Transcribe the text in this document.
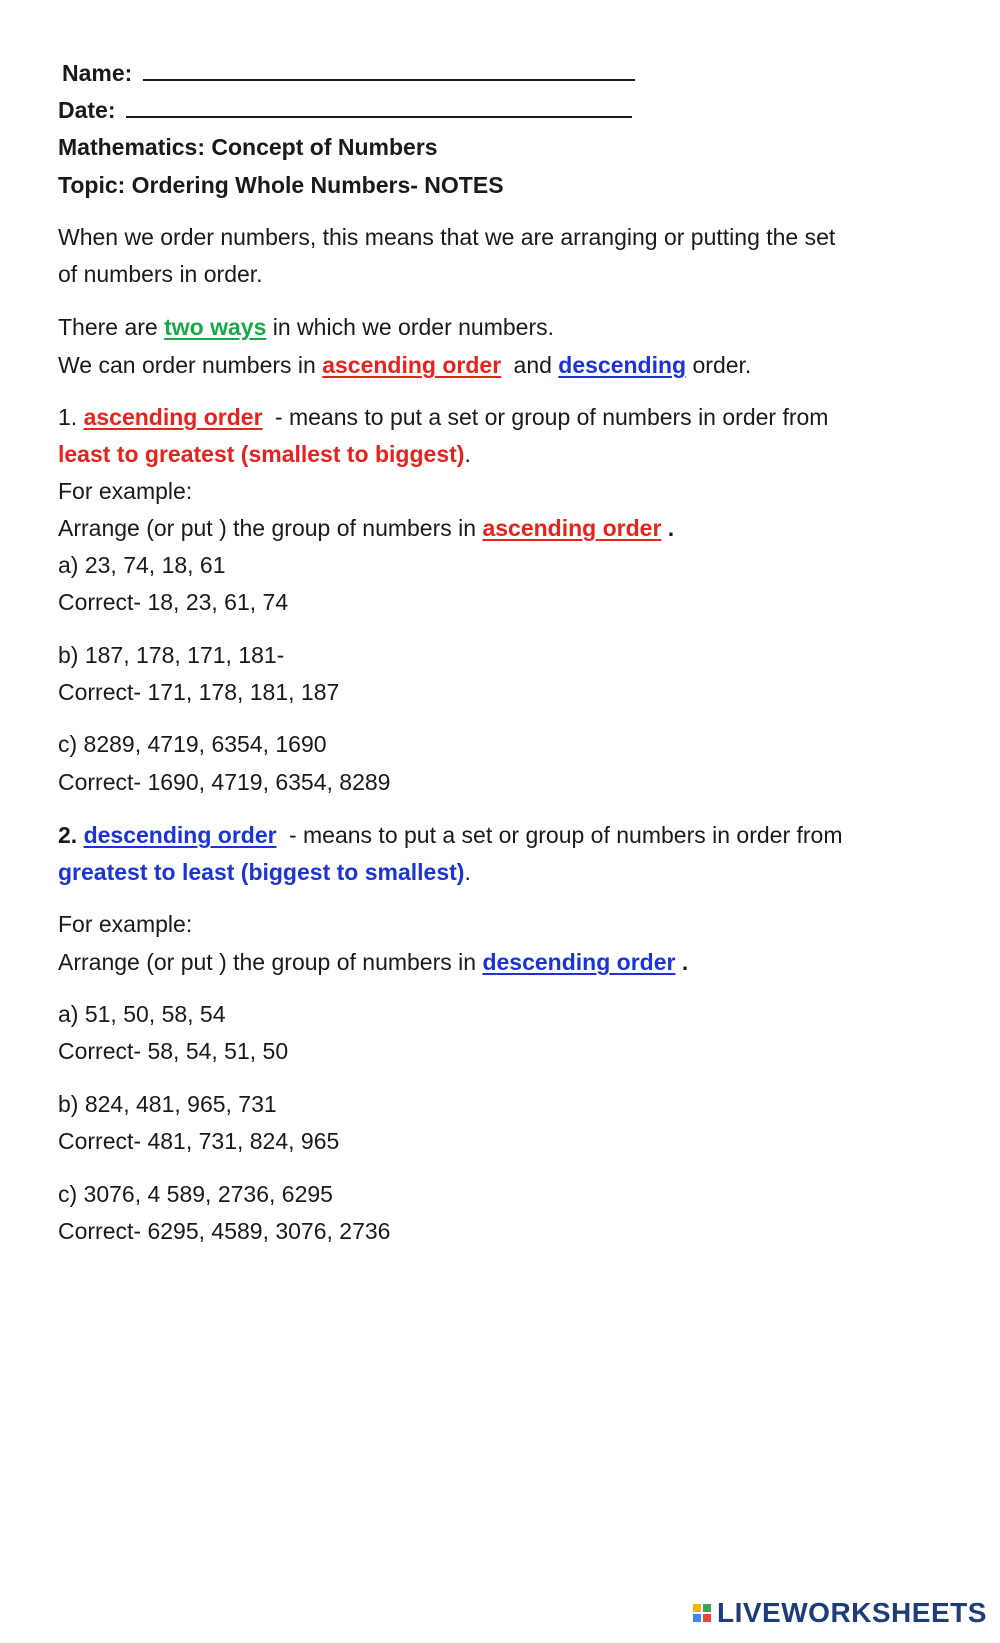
Name:
Date:
Mathematics: Concept of Numbers
Topic: Ordering Whole Numbers- NOTES
When we order numbers, this means that we are arranging or putting the set
of numbers in order.
There are two ways in which we order numbers.
We can order numbers in ascending order and descending order.
1. ascending order - means to put a set or group of numbers in order from
least to greatest (smallest to biggest).
For example:
Arrange (or put ) the group of numbers in ascending order .
a) 23, 74, 18, 61
Correct- 18, 23, 61, 74
b) 187, 178, 171, 181-
Correct- 171, 178, 181, 187
c) 8289, 4719, 6354, 1690
Correct- 1690, 4719, 6354, 8289
2. descending order - means to put a set or group of numbers in order from
greatest to least (biggest to smallest).
For example:
Arrange (or put ) the group of numbers in descending order .
a) 51, 50, 58, 54
Correct- 58, 54, 51, 50
b) 824, 481, 965, 731
Correct- 481, 731, 824, 965
c) 3076, 4 589, 2736, 6295
Correct- 6295, 4589, 3076, 2736
LIVEWORKSHEETS
